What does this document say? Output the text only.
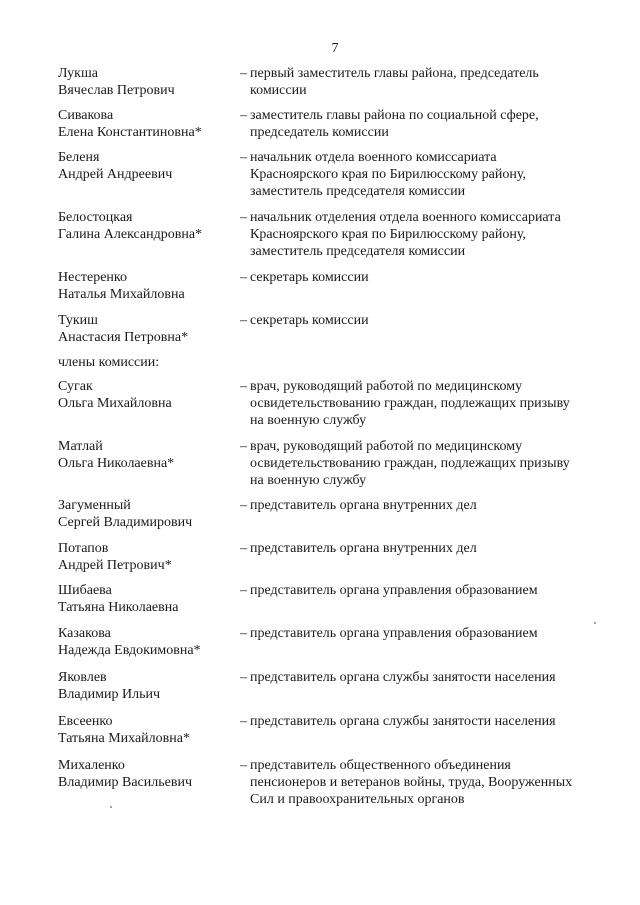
7
Лукша
Вячеслав Петрович
– первый заместитель главы района, председатель
комиссии
Сивакова
Елена Константиновна*
– заместитель главы района по социальной сфере,
председатель комиссии
Беленя
Андрей Андреевич
– начальник отдела военного комиссариата
Красноярского края по Бирилюсскому району,
заместитель председателя комиссии
Белостоцкая
Галина Александровна*
– начальник отделения отдела военного комиссариата
Красноярского края по Бирилюсскому району,
заместитель председателя комиссии
Нестеренко
Наталья Михайловна
– секретарь комиссии
Тукиш
Анастасия Петровна*
– секретарь комиссии
члены комиссии:
Сугак
Ольга Михайловна
– врач, руководящий работой по медицинскому
освидетельствованию граждан, подлежащих призыву
на военную службу
Матлай
Ольга Николаевна*
– врач, руководящий работой по медицинскому
освидетельствованию граждан, подлежащих призыву
на военную службу
Загуменный
Сергей Владимирович
– представитель органа внутренних дел
Потапов
Андрей Петрович*
– представитель органа внутренних дел
Шибаева
Татьяна Николаевна
– представитель органа управления образованием
Казакова
Надежда Евдокимовна*
– представитель органа управления образованием
Яковлев
Владимир Ильич
– представитель органа службы занятости населения
Евсеенко
Татьяна Михайловна*
– представитель органа службы занятости населения
Михаленко
Владимир Васильевич
– представитель общественного объединения
пенсионеров и ветеранов войны, труда, Вооруженных
Сил и правоохранительных органов
